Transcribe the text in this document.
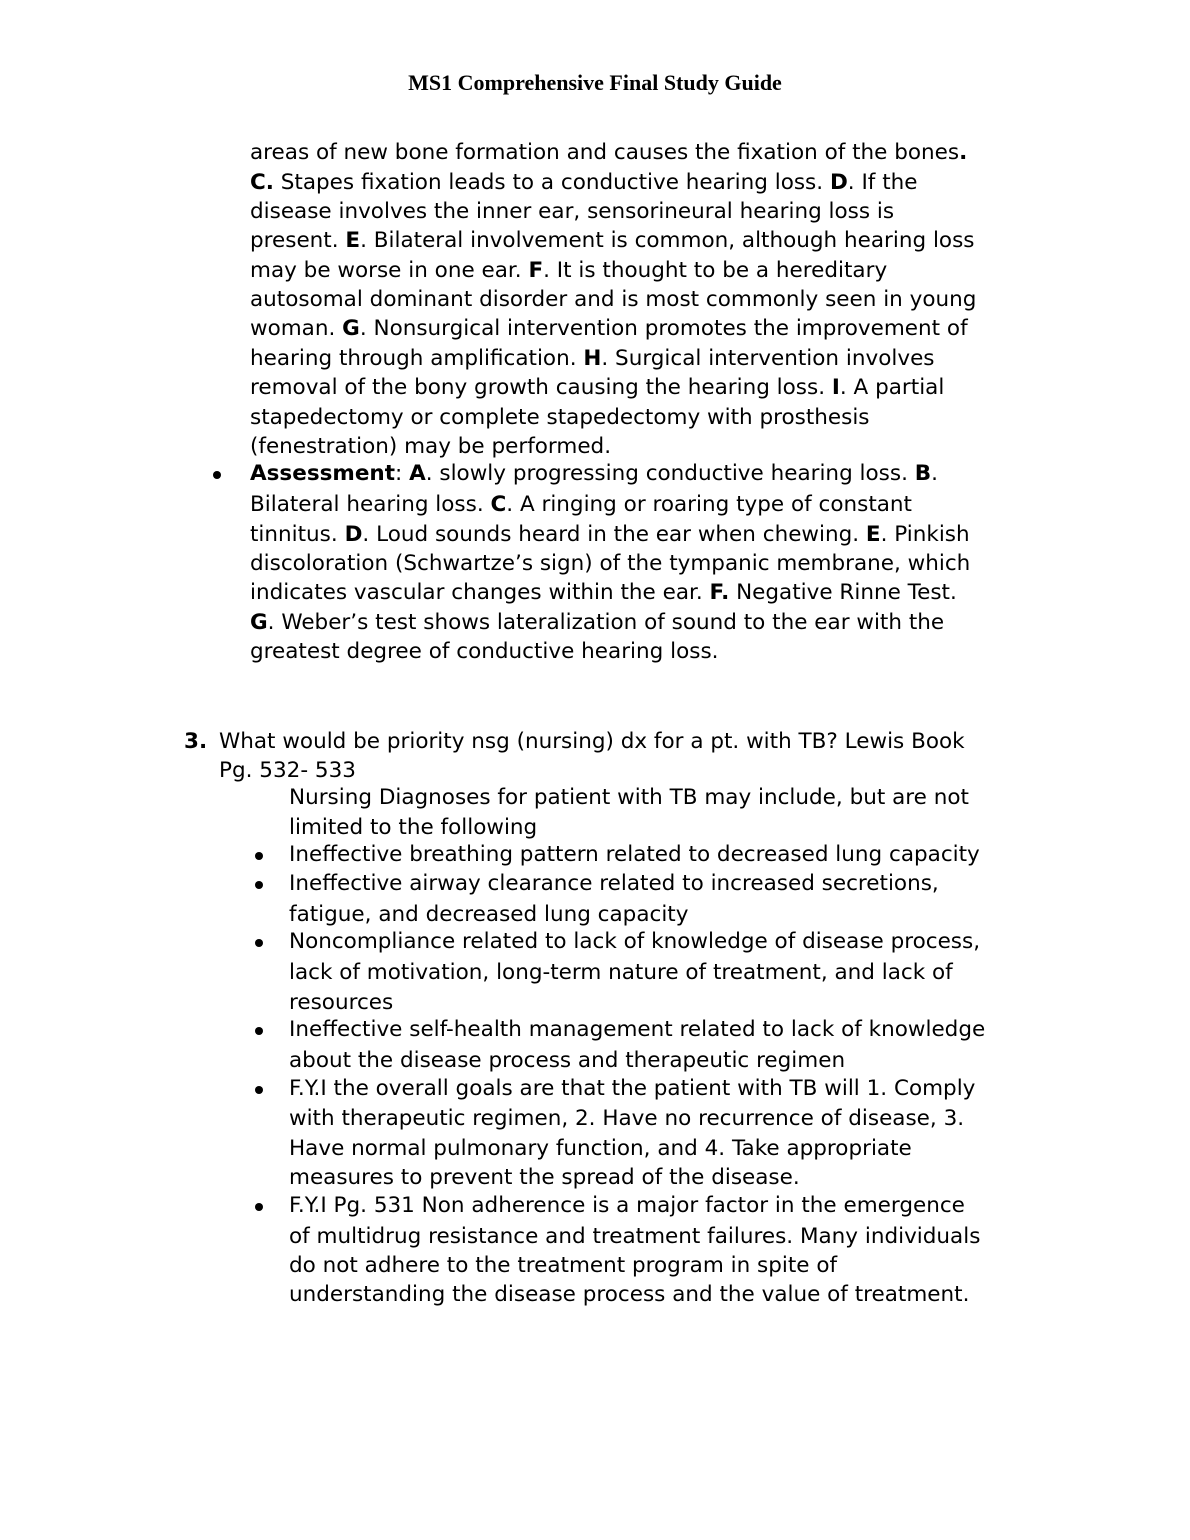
MS1 Comprehensive Final Study Guide
areas of new bone formation and causes the fixation of the bones.
C. Stapes fixation leads to a conductive hearing loss. D. If the
disease involves the inner ear, sensorineural hearing loss is
present. E. Bilateral involvement is common, although hearing loss
may be worse in one ear. F. It is thought to be a hereditary
autosomal dominant disorder and is most commonly seen in young
woman. G. Nonsurgical intervention promotes the improvement of
hearing through amplification. H. Surgical intervention involves
removal of the bony growth causing the hearing loss. I. A partial
stapedectomy or complete stapedectomy with prosthesis
(fenestration) may be performed.
Assessment: A. slowly progressing conductive hearing loss. B.
Bilateral hearing loss. C. A ringing or roaring type of constant
tinnitus. D. Loud sounds heard in the ear when chewing. E. Pinkish
discoloration (Schwartze’s sign) of the tympanic membrane, which
indicates vascular changes within the ear. F. Negative Rinne Test.
G. Weber’s test shows lateralization of sound to the ear with the
greatest degree of conductive hearing loss.
3. What would be priority nsg (nursing) dx for a pt. with TB? Lewis Book
Pg. 532- 533
Nursing Diagnoses for patient with TB may include, but are not
limited to the following
Ineffective breathing pattern related to decreased lung capacity
Ineffective airway clearance related to increased secretions,
fatigue, and decreased lung capacity
Noncompliance related to lack of knowledge of disease process,
lack of motivation, long-term nature of treatment, and lack of
resources
Ineffective self-health management related to lack of knowledge
about the disease process and therapeutic regimen
F.Y.I the overall goals are that the patient with TB will 1. Comply
with therapeutic regimen, 2. Have no recurrence of disease, 3.
Have normal pulmonary function, and 4. Take appropriate
measures to prevent the spread of the disease.
F.Y.I Pg. 531 Non adherence is a major factor in the emergence
of multidrug resistance and treatment failures. Many individuals
do not adhere to the treatment program in spite of
understanding the disease process and the value of treatment.
